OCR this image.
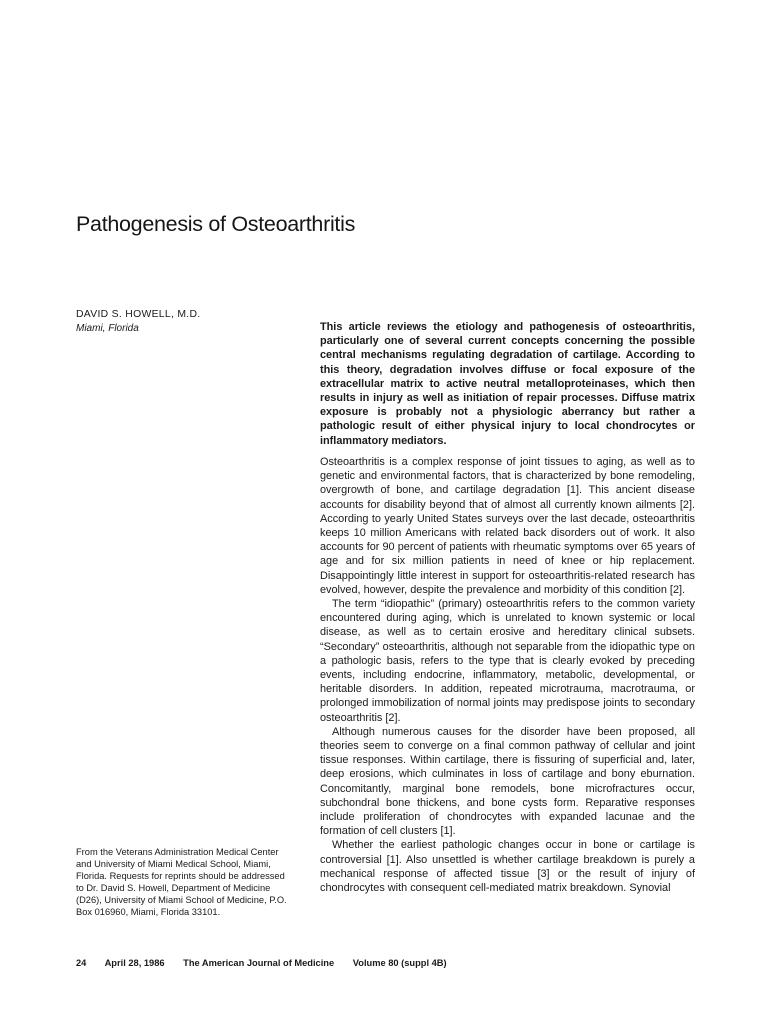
Pathogenesis of Osteoarthritis
DAVID S. HOWELL, M.D.
Miami, Florida	This article reviews the etiology and pathogenesis of osteoarthritis, particularly one of several current concepts concerning the possible central mechanisms regulating degradation of cartilage. According to this theory, degradation involves diffuse or focal exposure of the extracellular matrix to active neutral metalloproteinases, which then results in injury as well as initiation of repair processes. Diffuse matrix exposure is probably not a physiologic aberrancy but rather a pathologic result of either physical injury to local chondrocytes or inflammatory mediators.

Osteoarthritis is a complex response of joint tissues to aging, as well as to genetic and environmental factors, that is characterized by bone remodeling, overgrowth of bone, and cartilage degradation [1]. This ancient disease accounts for disability beyond that of almost all currently known ailments [2]. According to yearly United States surveys over the last decade, osteoarthritis keeps 10 million Americans with related back disorders out of work. It also accounts for 90 percent of patients with rheumatic symptoms over 65 years of age and for six million patients in need of knee or hip replacement. Disappointingly little interest in support for osteoarthritis-related research has evolved, however, despite the prevalence and morbidity of this condition [2].

The term “idiopathic” (primary) osteoarthritis refers to the common variety encountered during aging, which is unrelated to known systemic or local disease, as well as to certain erosive and hereditary clinical subsets. “Secondary” osteoarthritis, although not separable from the idiopathic type on a pathologic basis, refers to the type that is clearly evoked by preceding events, including endocrine, inflammatory, metabolic, developmental, or heritable disorders. In addition, repeated microtrauma, macrotrauma, or prolonged immobilization of normal joints may predispose joints to secondary osteoarthritis [2].

Although numerous causes for the disorder have been proposed, all theories seem to converge on a final common pathway of cellular and joint tissue responses. Within cartilage, there is fissuring of superficial and, later, deep erosions, which culminates in loss of cartilage and bony eburnation. Concomitantly, marginal bone remodels, bone microfractures occur, subchondral bone thickens, and bone cysts form. Reparative responses include proliferation of chondrocytes with expanded lacunae and the formation of cell clusters [1].

Whether the earliest pathologic changes occur in bone or cartilage is controversial [1]. Also unsettled is whether cartilage breakdown is purely a mechanical response of affected tissue [3] or the result of injury of chondrocytes with consequent cell-mediated matrix breakdown. Synovial

From the Veterans Administration Medical Center and University of Miami Medical School, Miami, Florida. Requests for reprints should be addressed to Dr. David S. Howell, Department of Medicine (D26), University of Miami School of Medicine, P.O. Box 016960, Miami, Florida 33101.

24 April 28, 1986 The American Journal of Medicine Volume 80 (suppl 4B)
